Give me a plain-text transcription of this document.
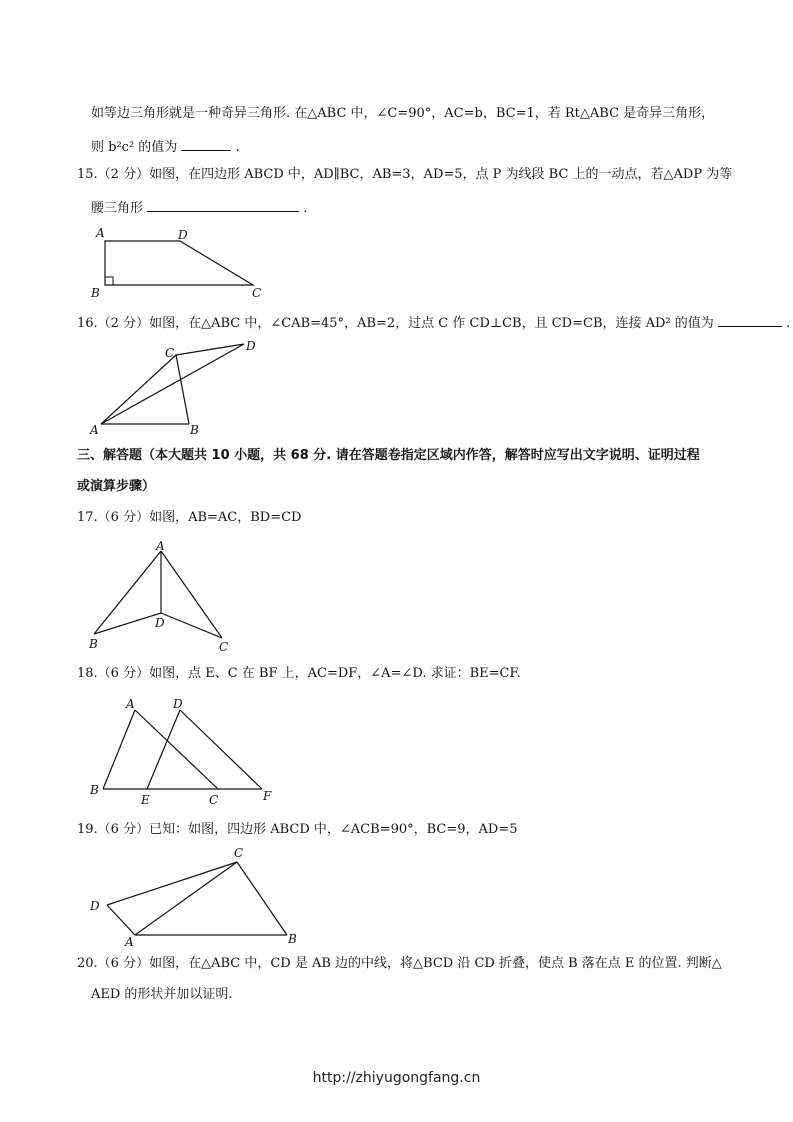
如等边三角形就是一种奇异三角形. 在△ABC 中，∠C=90°，AC=b，BC=1，若 Rt△ABC 是奇异三角形，
则 b²c² 的值为	.
15.（2 分）如图，在四边形 ABCD 中，AD∥BC，AB=3，AD=5，点 P 为线段 BC 上的一动点，若△ADP 为等
腰三角形	.
A	D
B	C
16.（2 分）如图，在△ABC 中，∠CAB=45°，AB=2，过点 C 作 CD⊥CB，且 CD=CB，连接 AD² 的值为	.
C	D
A	B
三、解答题（本大题共 10 小题，共 68 分. 请在答题卷指定区域内作答，解答时应写出文字说明、证明过程
或演算步骤）
17.（6 分）如图，AB=AC，BD=CD
A
B
D
C
18.（6 分）如图，点 E、C 在 BF 上，AC=DF，∠A=∠D. 求证：BE=CF.
A	D
B
E	C	F
19.（6 分）已知：如图，四边形 ABCD 中，∠ACB=90°，BC=9，AD=5
C
D
A	B
20.（6 分）如图，在△ABC 中，CD 是 AB 边的中线，将△BCD 沿 CD 折叠，使点 B 落在点 E 的位置. 判断△
AED 的形状并加以证明.
http://zhiyugongfang.cn
